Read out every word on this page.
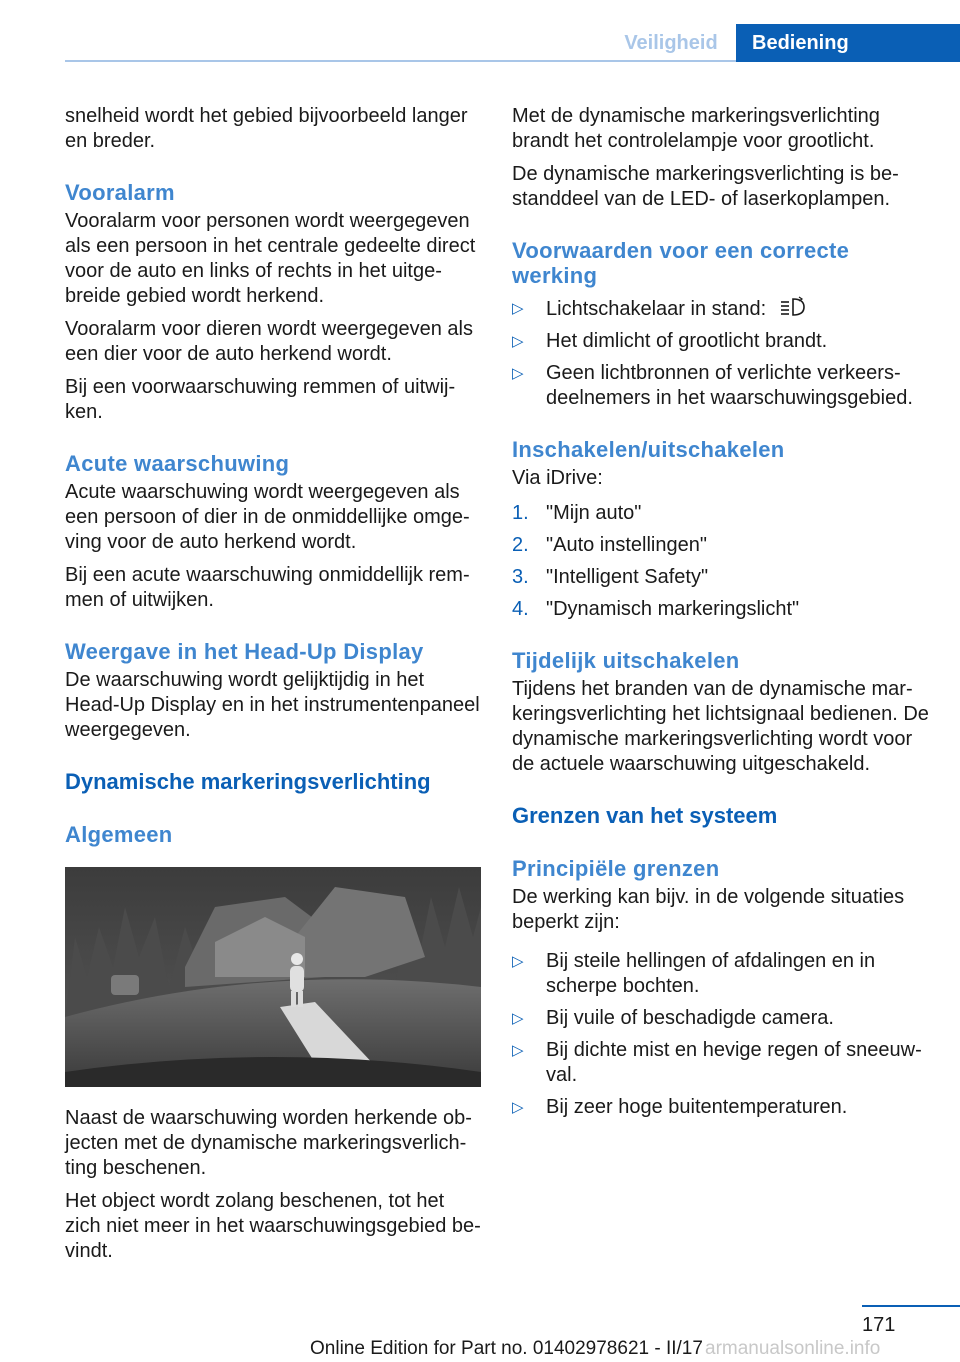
Veiligheid	Bediening

snelheid wordt het gebied bijvoorbeeld langer en breder.

Vooralarm

Vooralarm voor personen wordt weergegeven als een persoon in het centrale gedeelte direct voor de auto en links of rechts in het uitgebreide gebied wordt herkend.

Vooralarm voor dieren wordt weergegeven als een dier voor de auto herkend wordt.

Bij een voorwaarschuwing remmen of uitwijken.

Acute waarschuwing

Acute waarschuwing wordt weergegeven als een persoon of dier in de onmiddellijke omgeving voor de auto herkend wordt.

Bij een acute waarschuwing onmiddellijk remmen of uitwijken.

Weergave in het Head-Up Display

De waarschuwing wordt gelijktijdig in het Head-Up Display en in het instrumentenpaneel weergegeven.

Dynamische markeringsverlichting
Algemeen

Naast de waarschuwing worden herkende objecten met de dynamische markeringsverlichting beschenen.

Het object wordt zolang beschenen, tot het zich niet meer in het waarschuwingsgebied bevindt.

Met de dynamische markeringsverlichting brandt het controlelampje voor grootlicht.

De dynamische markeringsverlichting is bestanddeel van de LED- of laserkoplampen.

Voorwaarden voor een correcte werking
▷ Lichtschakelaar in stand:
▷ Het dimlicht of grootlicht brandt.
▷ Geen lichtbronnen of verlichte verkeersdeelnemers in het waarschuwingsgebied.
Inschakelen/uitschakelen

Via iDrive:

1. "Mijn auto"
2. "Auto instellingen"
3. "Intelligent Safety"
4. "Dynamisch markeringslicht"
Tijdelijk uitschakelen

Tijdens het branden van de dynamische markeringsverlichting het lichtsignaal bedienen. De dynamische markeringsverlichting wordt voor de actuele waarschuwing uitgeschakeld.

Grenzen van het systeem
Principiële grenzen

De werking kan bijv. in de volgende situaties beperkt zijn:

▷ Bij steile hellingen of afdalingen en in scherpe bochten.
▷ Bij vuile of beschadigde camera.
▷ Bij dichte mist en hevige regen of sneeuwval.
▷ Bij zeer hoge buitentemperaturen.
171
Online Edition for Part no. 01402978621 - II/17 armanualsonline.info
